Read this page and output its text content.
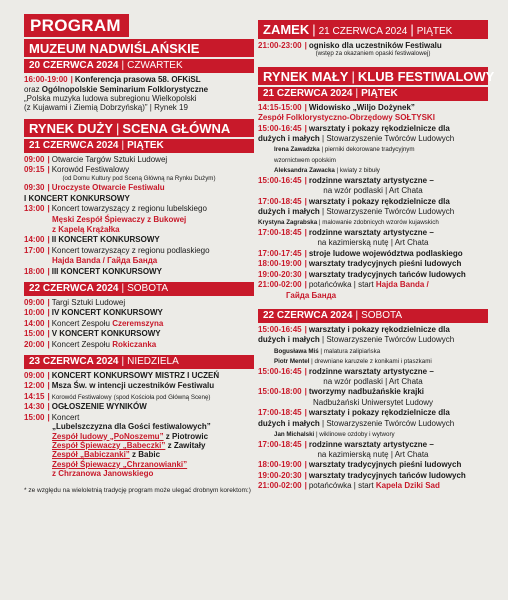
PROGRAM
MUZEUM NADWIŚLAŃSKIE
20 CZERWCA 2024 | CZWARTEK
16:00-19:00 | Konferencja prasowa 58. OFKiSL
oraz Ogólnopolskie Seminarium Folklorystyczne
„Polska muzyka ludowa subregionu Wielkopolski
(z Kujawami i Ziemią Dobrzyńską)” | Rynek 19
RYNEK DUŻY | SCENA GŁÓWNA
21 CZERWCA 2024 | PIĄTEK
09:00 | Otwarcie Targów Sztuki Ludowej
09:15 | Korowód Festiwalowy
(od Domu Kultury pod Sceną Główną na Rynku Dużym)
09:30 | Uroczyste Otwarcie Festiwalu
I KONCERT KONKURSOWY
13:00 | Koncert towarzyszący z regionu lubelskiego
Męski Zespół Śpiewaczy z Bukowej
z Kapelą Krążałka
14:00 | II KONCERT KONKURSOWY
17:00 | Koncert towarzyszący z regionu podlaskiego
Hajda Banda / Гайда Банда
18:00 | III KONCERT KONKURSOWY
22 CZERWCA 2024 | SOBOTA
09:00 | Targi Sztuki Ludowej
10:00 | IV KONCERT KONKURSOWY
14:00 | Koncert Zespołu Czeremszyna
15:00 | V KONCERT KONKURSOWY
20:00 | Koncert Zespołu Rokiczanka
23 CZERWCA 2024 | NIEDZIELA
09:00 | KONCERT KONKURSOWY MISTRZ I UCZEŃ
12:00 | Msza Św. w intencji uczestników Festiwalu
14:15 | Korowód Festiwalowy (spod Kościoła pod Główną Scenę)
14:30 | OGŁOSZENIE WYNIKÓW
15:00 | Koncert
„Lubelszczyzna dla Gości festiwalowych”
Zespół ludowy „PoNoszemu” z Piotrowic
Zespół Śpiewaczy „Babeczki” z Zawitały
Zespół „Babiczanki” z Babic
Zespół Śpiewaczy „Chrzanowianki”
z Chrzanowa Janowskiego
* ze względu na wieloletnią tradycję program może ulegać drobnym korektom:)
ZAMEK | 21 CZERWCA 2024 | PIĄTEK
21:00-23:00 | ognisko dla uczestników Festiwalu
(wstęp za okazaniem opaski festiwalowej)
RYNEK MAŁY | KLUB FESTIWALOWY
21 CZERWCA 2024 | PIĄTEK
14:15-15:00 | Widowisko „Wiljo Dożynek”
Zespół Folklorystyczno-Obrzędowy SOŁTYSKI
15:00-16:45 | warsztaty i pokazy rękodzielnicze dla
dużych i małych | Stowarzyszenie Twórców Ludowych
Irena Zawadzka | pierniki dekorowane tradycyjnym
wzornictwem opolskim
Aleksandra Zawacka | kwiaty z bibuły
15:00-16:45 | rodzinne warsztaty artystyczne –
na wzór podlaski | Art Chata
17:00-18:45 | warsztaty i pokazy rękodzielnicze dla
dużych i małych | Stowarzyszenie Twórców Ludowych
Krystyna Zagrabska | malowanie zdobnicych wzorów kujawskich
17:00-18:45 | rodzinne warsztaty artystyczne –
na kazimierską nutę | Art Chata
17:00-17:45 | stroje ludowe województwa podlaskiego
18:00-19:00 | warsztaty tradycyjnych pieśni ludowych
19:00-20:30 | warsztaty tradycyjnych tańców ludowych
21:00-02:00 | potańcówka | start Hajda Banda /
Гайда Банда
22 CZERWCA 2024 | SOBOTA
15:00-16:45 | warsztaty i pokazy rękodzielnicze dla
dużych i małych | Stowarzyszenie Twórców Ludowych
Bogusława Miś | malatura zalipiańska
Piotr Mentel | drewniane karuzele z konikami i ptaszkami
15:00-16:45 | rodzinne warsztaty artystyczne –
na wzór podlaski | Art Chata
15:00-18:00 | tworzymy nadbużańskie krajki
Nadbużański Uniwersytet Ludowy
17:00-18:45 | warsztaty i pokazy rękodzielnicze dla
dużych i małych | Stowarzyszenie Twórców Ludowych
Jan Michalski | wiklinowe ozdoby i wytwory
17:00-18:45 | rodzinne warsztaty artystyczne –
na kazimierską nutę | Art Chata
18:00-19:00 | warsztaty tradycyjnych pieśni ludowych
19:00-20:30 | warsztaty tradycyjnych tańców ludowych
21:00-02:00 | potańcówka | start Kapela Dziki Sad
